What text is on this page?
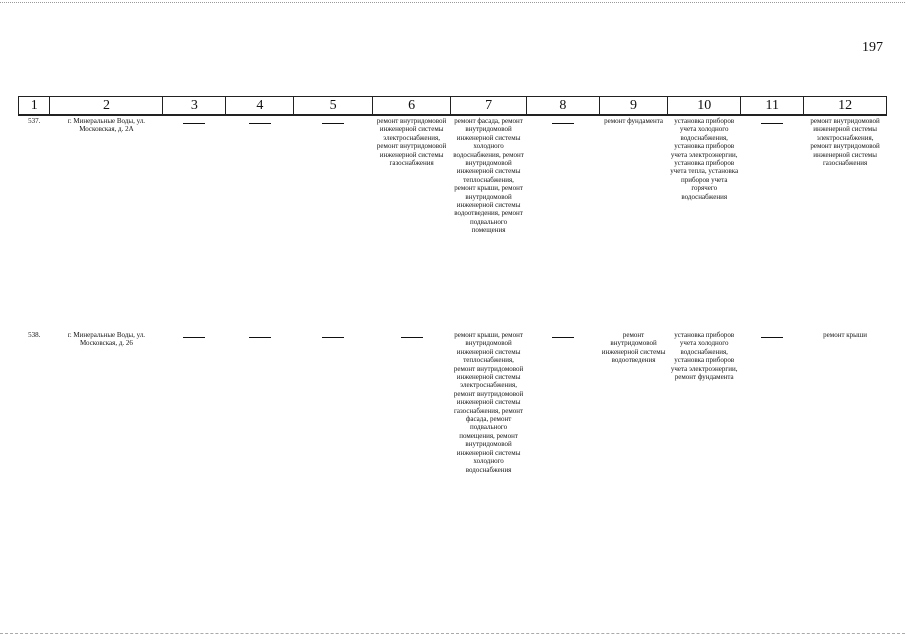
197
1	2	3	4	5	6	7	8	9	10	11	12
537.	г. Минеральные Воды, ул. Московская, д. 2А				ремонт внутридомовой инженерной системы электроснабжения, ремонт внутридомовой инженерной системы газоснабжения	ремонт фасада, ремонт внутридомовой инженерной системы холодного водоснабжения, ремонт внутридомовой инженерной системы теплоснабжения, ремонт крыши, ремонт внутридомовой инженерной системы водоотведения, ремонт подвального помещения		ремонт фундамента	установка приборов учета холодного водоснабжения, установка приборов учета электроэнергии, установка приборов учета тепла, установка приборов учета горячего водоснабжения		ремонт внутридомовой инженерной системы электроснабжения, ремонт внутридомовой инженерной системы газоснабжения
538.	г. Минеральные Воды, ул. Московская, д. 26					ремонт крыши, ремонт внутридомовой инженерной системы теплоснабжения, ремонт внутридомовой инженерной системы электроснабжения, ремонт внутридомовой инженерной системы газоснабжения, ремонт фасада, ремонт подвального помещения, ремонт внутридомовой инженерной системы холодного водоснабжения		ремонт внутридомовой инженерной системы водоотведения	установка приборов учета холодного водоснабжения, установка приборов учета электроэнергии, ремонт фундамента		ремонт крыши
